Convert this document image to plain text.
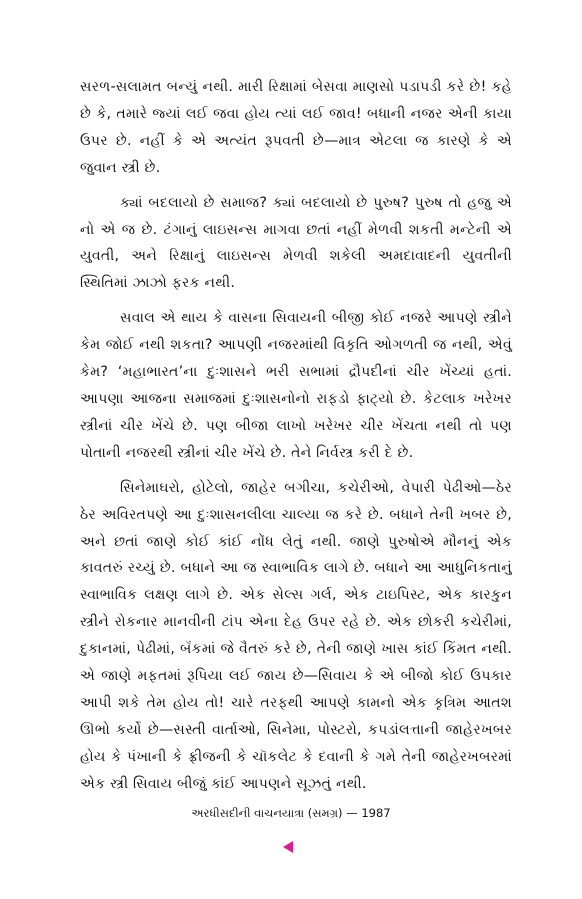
સરળ-સલામત બન્યું નથી. મારી રિક્ષામાં બેસવા માણસો પડાપડી કરે છે! કહે છે કે, તમારે જ્યાં લઈ જવા હોય ત્યાં લઈ જાવ! બધાની નજર એની કાયા ઉપર છે. નહીં કે એ અત્યંત રૂપવતી છે—માત્ર એટલા જ કારણે કે એ જુવાન સ્ત્રી છે.

ક્યાં બદલાયો છે સમાજ? ક્યાં બદલાયો છે પુરુષ? પુરુષ તો હજુ એ નો એ જ છે. ટંગાનું લાઇસન્સ માગવા છતાં નહીં મેળવી શકતી મન્ટેની એ યુવતી, અને રિક્ષાનું લાઇસન્સ મેળવી શકેલી અમદાવાદની યુવતીની સ્થિતિમાં ઝાઝો ફરક નથી.

સવાલ એ થાય કે વાસના સિવાયની બીજી કોઈ નજરે આપણે સ્ત્રીને કેમ જોઈ નથી શકતા? આપણી નજરમાંથી વિકૃતિ ઓગળતી જ નથી, એવું કેમ? ‘મહાભારત’ના દુઃશાસને ભરી સભામાં દ્રૌપદીનાં ચીર ખેંચ્યાં હતાં. આપણા આજના સમાજમાં દુઃશાસનોનો રાફડો ફાટ્યો છે. કેટલાક ખરેખર સ્ત્રીનાં ચીર ખેંચે છે. પણ બીજા લાખો ખરેખર ચીર ખેંચતા નથી તો પણ પોતાની નજરથી સ્ત્રીનાં ચીર ખેંચે છે. તેને નિર્વસ્ત્ર કરી દે છે.

સિનેમાઘરો, હોટેલો, જાહેર બગીચા, કચેરીઓ, વેપારી પેઢીઓ—ઠેર ઠેર અવિરતપણે આ દુઃશાસનલીલા ચાલ્યા જ કરે છે. બધાને તેની ખબર છે, અને છતાં જાણે કોઈ કાંઈ નોંધ લેતું નથી. જાણે પુરુષોએ મૌનનું એક કાવતરું રચ્યું છે. બધાને આ જ સ્વાભાવિક લાગે છે. બધાને આ આધુનિકતાનું સ્વાભાવિક લક્ષણ લાગે છે. એક સેલ્સ ગર્લ, એક ટાઇપિસ્ટ, એક કારકુન સ્ત્રીને રોકનાર માનવીની ટાંપ એના દેહ ઉપર રહે છે. એક છોકરી કચેરીમાં, દુકાનમાં, પેઢીમાં, બૅંકમાં જે વૈતરું કરે છે, તેની જાણે ખાસ કાંઈ કિંમત નથી. એ જાણે મફતમાં રૂપિયા લઈ જાય છે—સિવાય કે એ બીજો કોઈ ઉપકાર આપી શકે તેમ હોય તો! ચારે તરફથી આપણે કામનો એક કૃત્રિમ આતશ ઊભો કર્યો છે—સસ્તી વાર્તાઓ, સિનેમા, પોસ્ટરો, કપડાંલત્તાની જાહેરખબર હોય કે પંખાની કે ફ્રીજની કે ચૉકલેટ કે દવાની કે ગમે તેની જાહેરખબરમાં એક સ્ત્રી સિવાય બીજું કાંઈ આપણને સૂઝતું નથી.

અરધીસદીની વાચનયાત્રા (સમગ્ર) — 1987
